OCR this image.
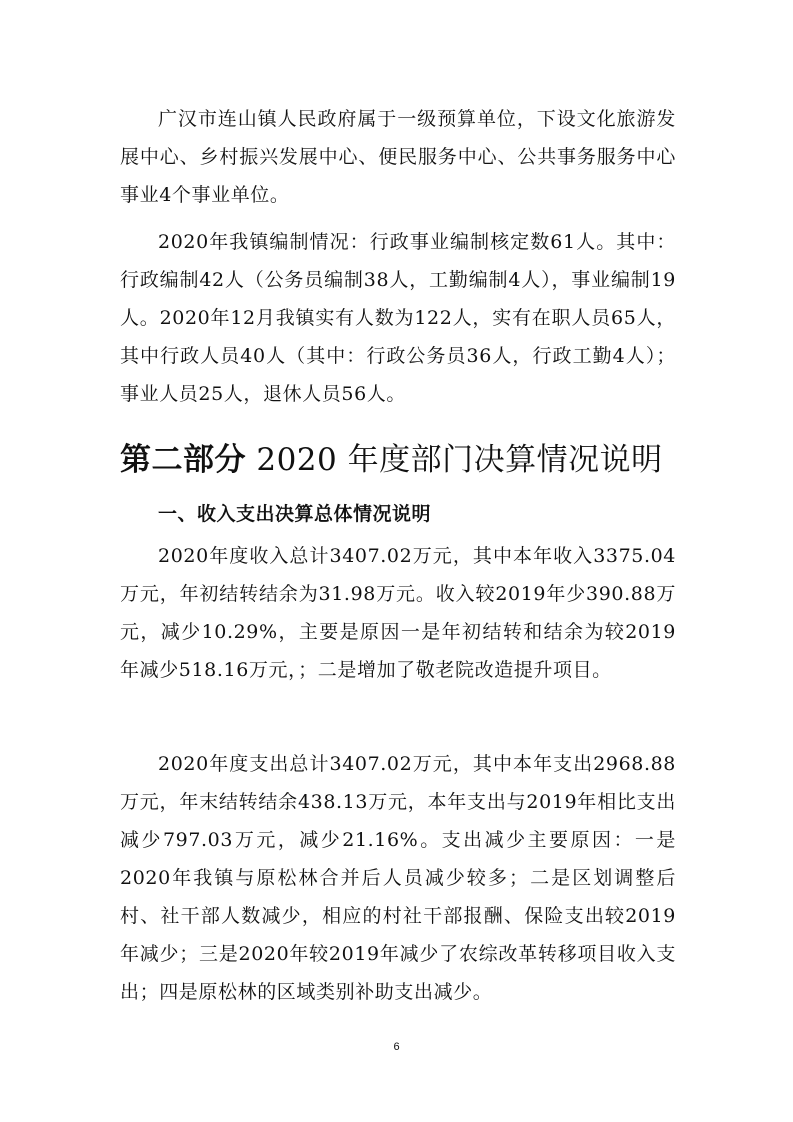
广汉市连山镇人民政府属于一级预算单位，下设文化旅游发展中心、乡村振兴发展中心、便民服务中心、公共事务服务中心事业4个事业单位。

2020年我镇编制情况：行政事业编制核定数61人。其中：行政编制42人（公务员编制38人，工勤编制4人），事业编制19人。2020年12月我镇实有人数为122人，实有在职人员65人，其中行政人员40人（其中：行政公务员36人，行政工勤4人）；事业人员25人，退休人员56人。

第二部分 2020 年度部门决算情况说明
一、收入支出决算总体情况说明

2020年度收入总计3407.02万元，其中本年收入3375.04万元，年初结转结余为31.98万元。收入较2019年少390.88万元，减少10.29%，主要是原因一是年初结转和结余为较2019年减少518.16万元，；二是增加了敬老院改造提升项目。

2020年度支出总计3407.02万元，其中本年支出2968.88万元，年末结转结余438.13万元，本年支出与2019年相比支出减少797.03万元，减少21.16%。支出减少主要原因：一是2020年我镇与原松林合并后人员减少较多；二是区划调整后村、社干部人数减少，相应的村社干部报酬、保险支出较2019年减少；三是2020年较2019年减少了农综改革转移项目收入支出；四是原松林的区域类别补助支出减少。

6
